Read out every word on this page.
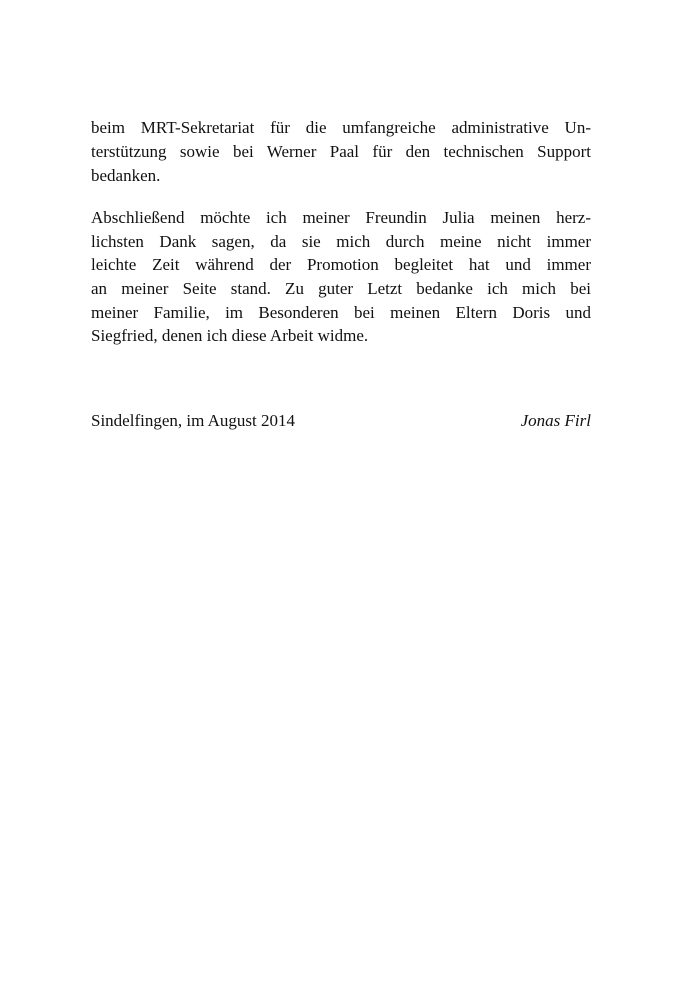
beim MRT-Sekretariat für die umfangreiche administrative Un-
terstützung sowie bei Werner Paal für den technischen Support
bedanken.
Abschließend möchte ich meiner Freundin Julia meinen herz-
lichsten Dank sagen, da sie mich durch meine nicht immer
leichte Zeit während der Promotion begleitet hat und immer
an meiner Seite stand. Zu guter Letzt bedanke ich mich bei
meiner Familie, im Besonderen bei meinen Eltern Doris und
Siegfried, denen ich diese Arbeit widme.
Sindelfingen, im August 2014	Jonas Firl
